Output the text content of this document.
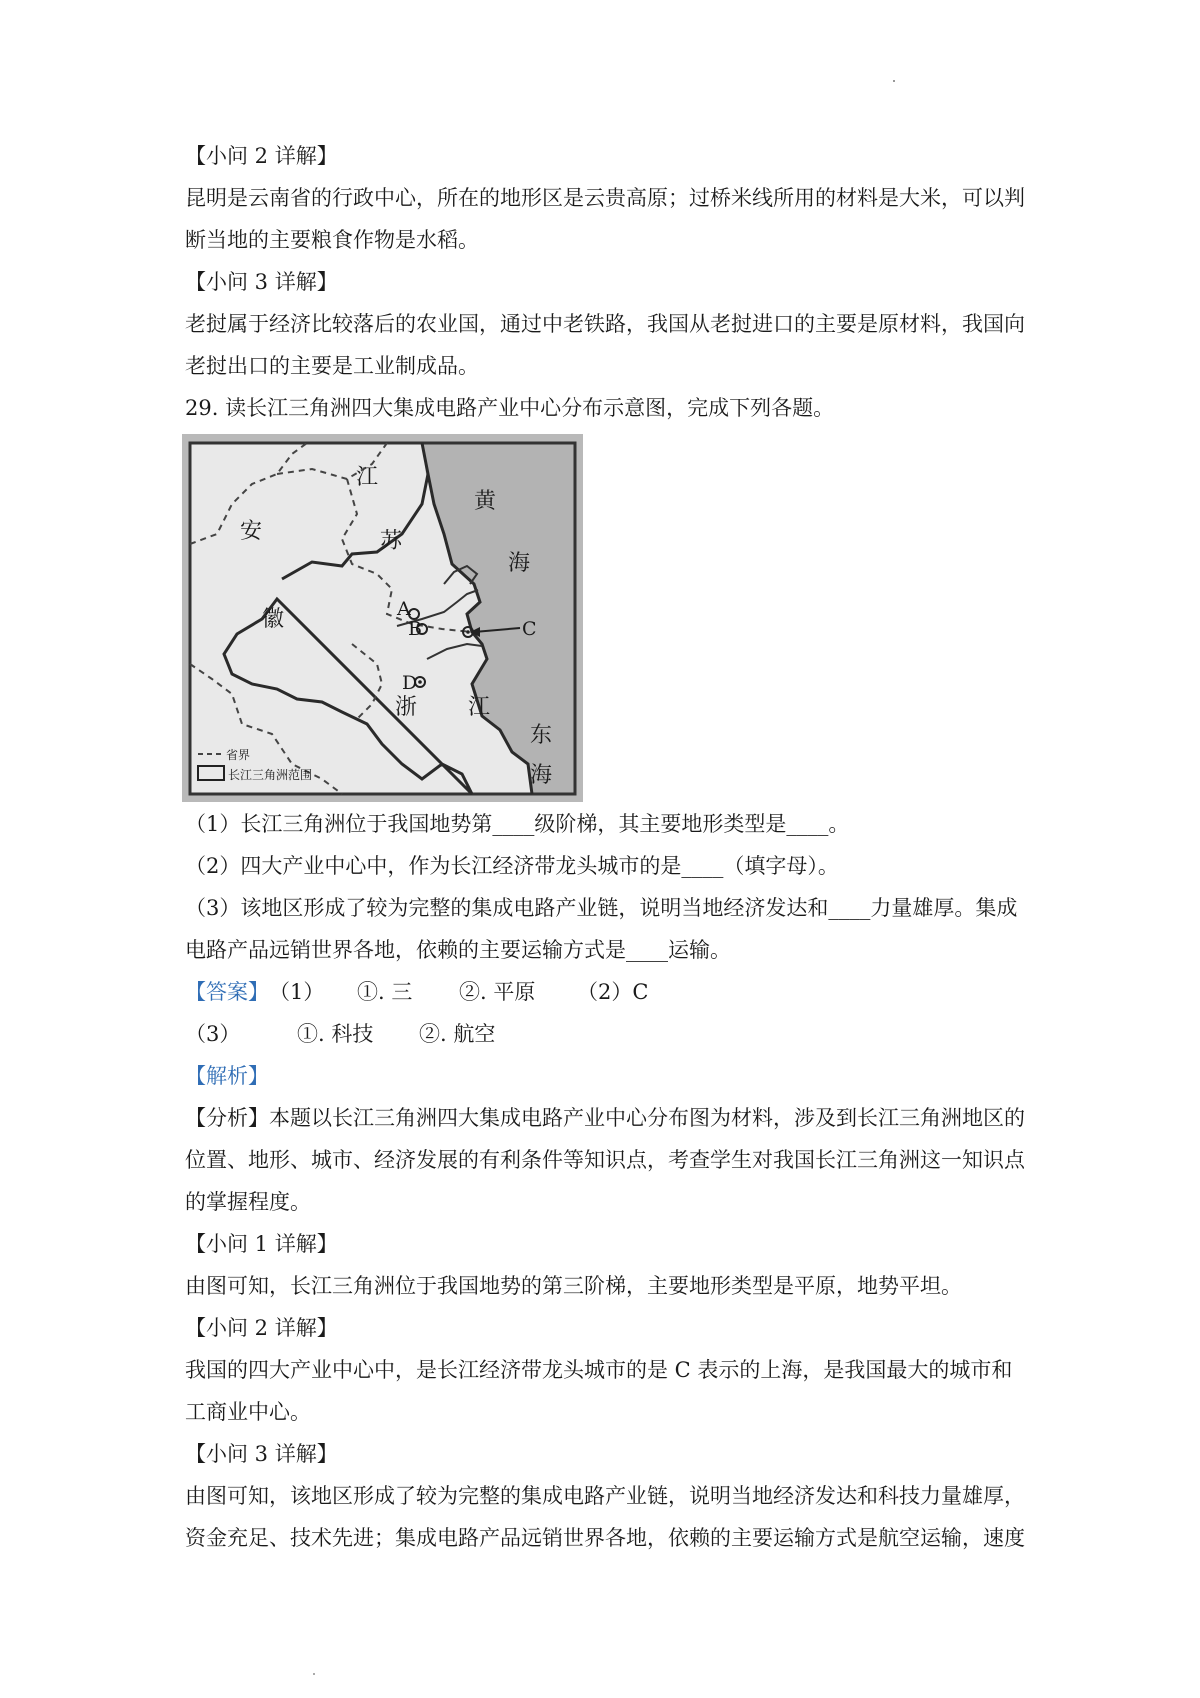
【小问 2 详解】
昆明是云南省的行政中心，所在的地形区是云贵高原；过桥米线所用的材料是大米，可以判
断当地的主要粮食作物是水稻。
【小问 3 详解】
老挝属于经济比较落后的农业国，通过中老铁路，我国从老挝进口的主要是原材料，我国向
老挝出口的主要是工业制成品。
29. 读长江三角洲四大集成电路产业中心分布示意图，完成下列各题。
江
苏
安
徽
浙 江
黄
海
东
海
A
B	C
D
省界
长江三角洲范围
（1）长江三角洲位于我国地势第____级阶梯，其主要地形类型是____。
（2）四大产业中心中，作为长江经济带龙头城市的是____（填字母）。
（3）该地区形成了较为完整的集成电路产业链，说明当地经济发达和____力量雄厚。集成
电路产品远销世界各地，依赖的主要运输方式是____运输。
【答案】 （1） ①. 三 ②. 平原 （2）C
（3）	①. 科技 ②. 航空
【解析】
【分析】本题以长江三角洲四大集成电路产业中心分布图为材料，涉及到长江三角洲地区的
位置、地形、城市、经济发展的有利条件等知识点，考查学生对我国长江三角洲这一知识点
的掌握程度。
【小问 1 详解】
由图可知，长江三角洲位于我国地势的第三阶梯，主要地形类型是平原，地势平坦。
【小问 2 详解】
我国的四大产业中心中，是长江经济带龙头城市的是 C 表示的上海，是我国最大的城市和
工商业中心。
【小问 3 详解】
由图可知，该地区形成了较为完整的集成电路产业链，说明当地经济发达和科技力量雄厚，
资金充足、技术先进；集成电路产品远销世界各地，依赖的主要运输方式是航空运输，速度
